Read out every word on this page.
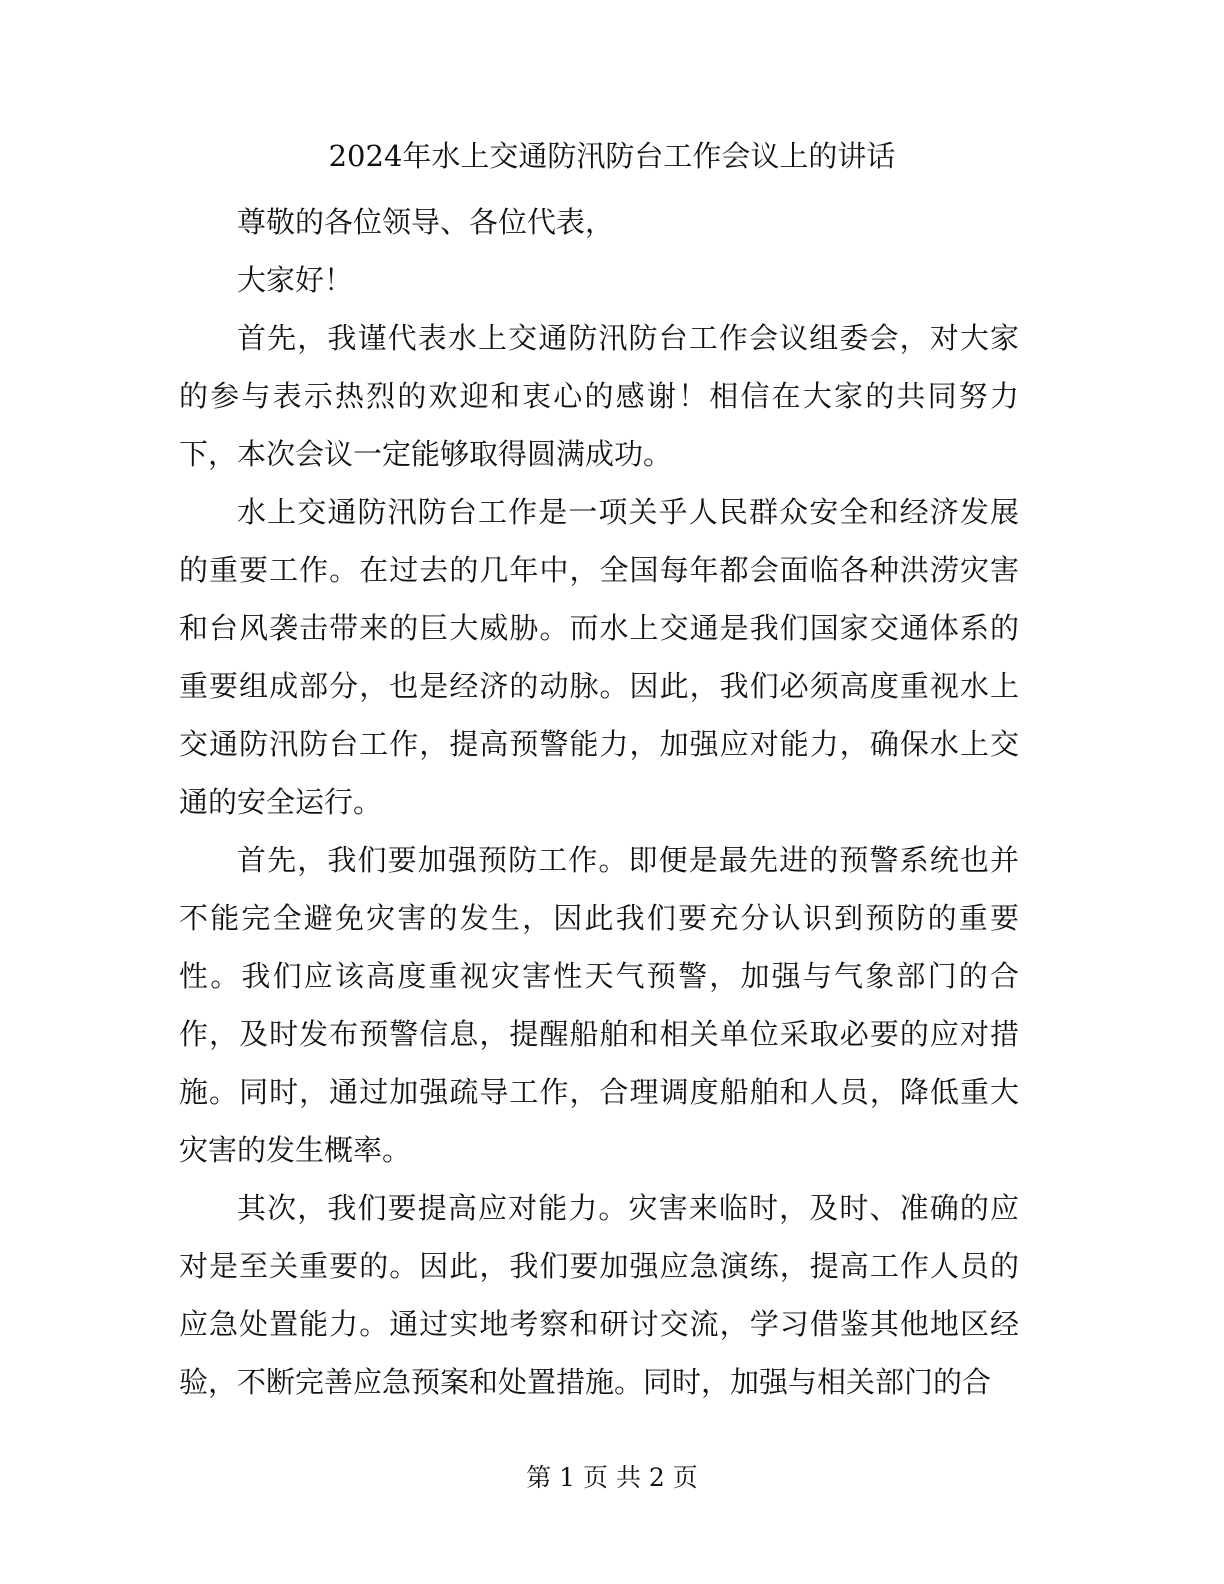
2024年水上交通防汛防台工作会议上的讲话

尊敬的各位领导、各位代表，

大家好！

首先，我谨代表水上交通防汛防台工作会议组委会，对大家的参与表示热烈的欢迎和衷心的感谢！相信在大家的共同努力下，本次会议一定能够取得圆满成功。

水上交通防汛防台工作是一项关乎人民群众安全和经济发展的重要工作。在过去的几年中，全国每年都会面临各种洪涝灾害和台风袭击带来的巨大威胁。而水上交通是我们国家交通体系的重要组成部分，也是经济的动脉。因此，我们必须高度重视水上交通防汛防台工作，提高预警能力，加强应对能力，确保水上交通的安全运行。

首先，我们要加强预防工作。即便是最先进的预警系统也并不能完全避免灾害的发生，因此我们要充分认识到预防的重要性。我们应该高度重视灾害性天气预警，加强与气象部门的合作，及时发布预警信息，提醒船舶和相关单位采取必要的应对措施。同时，通过加强疏导工作，合理调度船舶和人员，降低重大灾害的发生概率。

其次，我们要提高应对能力。灾害来临时，及时、准确的应对是至关重要的。因此，我们要加强应急演练，提高工作人员的应急处置能力。通过实地考察和研讨交流，学习借鉴其他地区经验，不断完善应急预案和处置措施。同时，加强与相关部门的合

第 1 页 共 2 页
